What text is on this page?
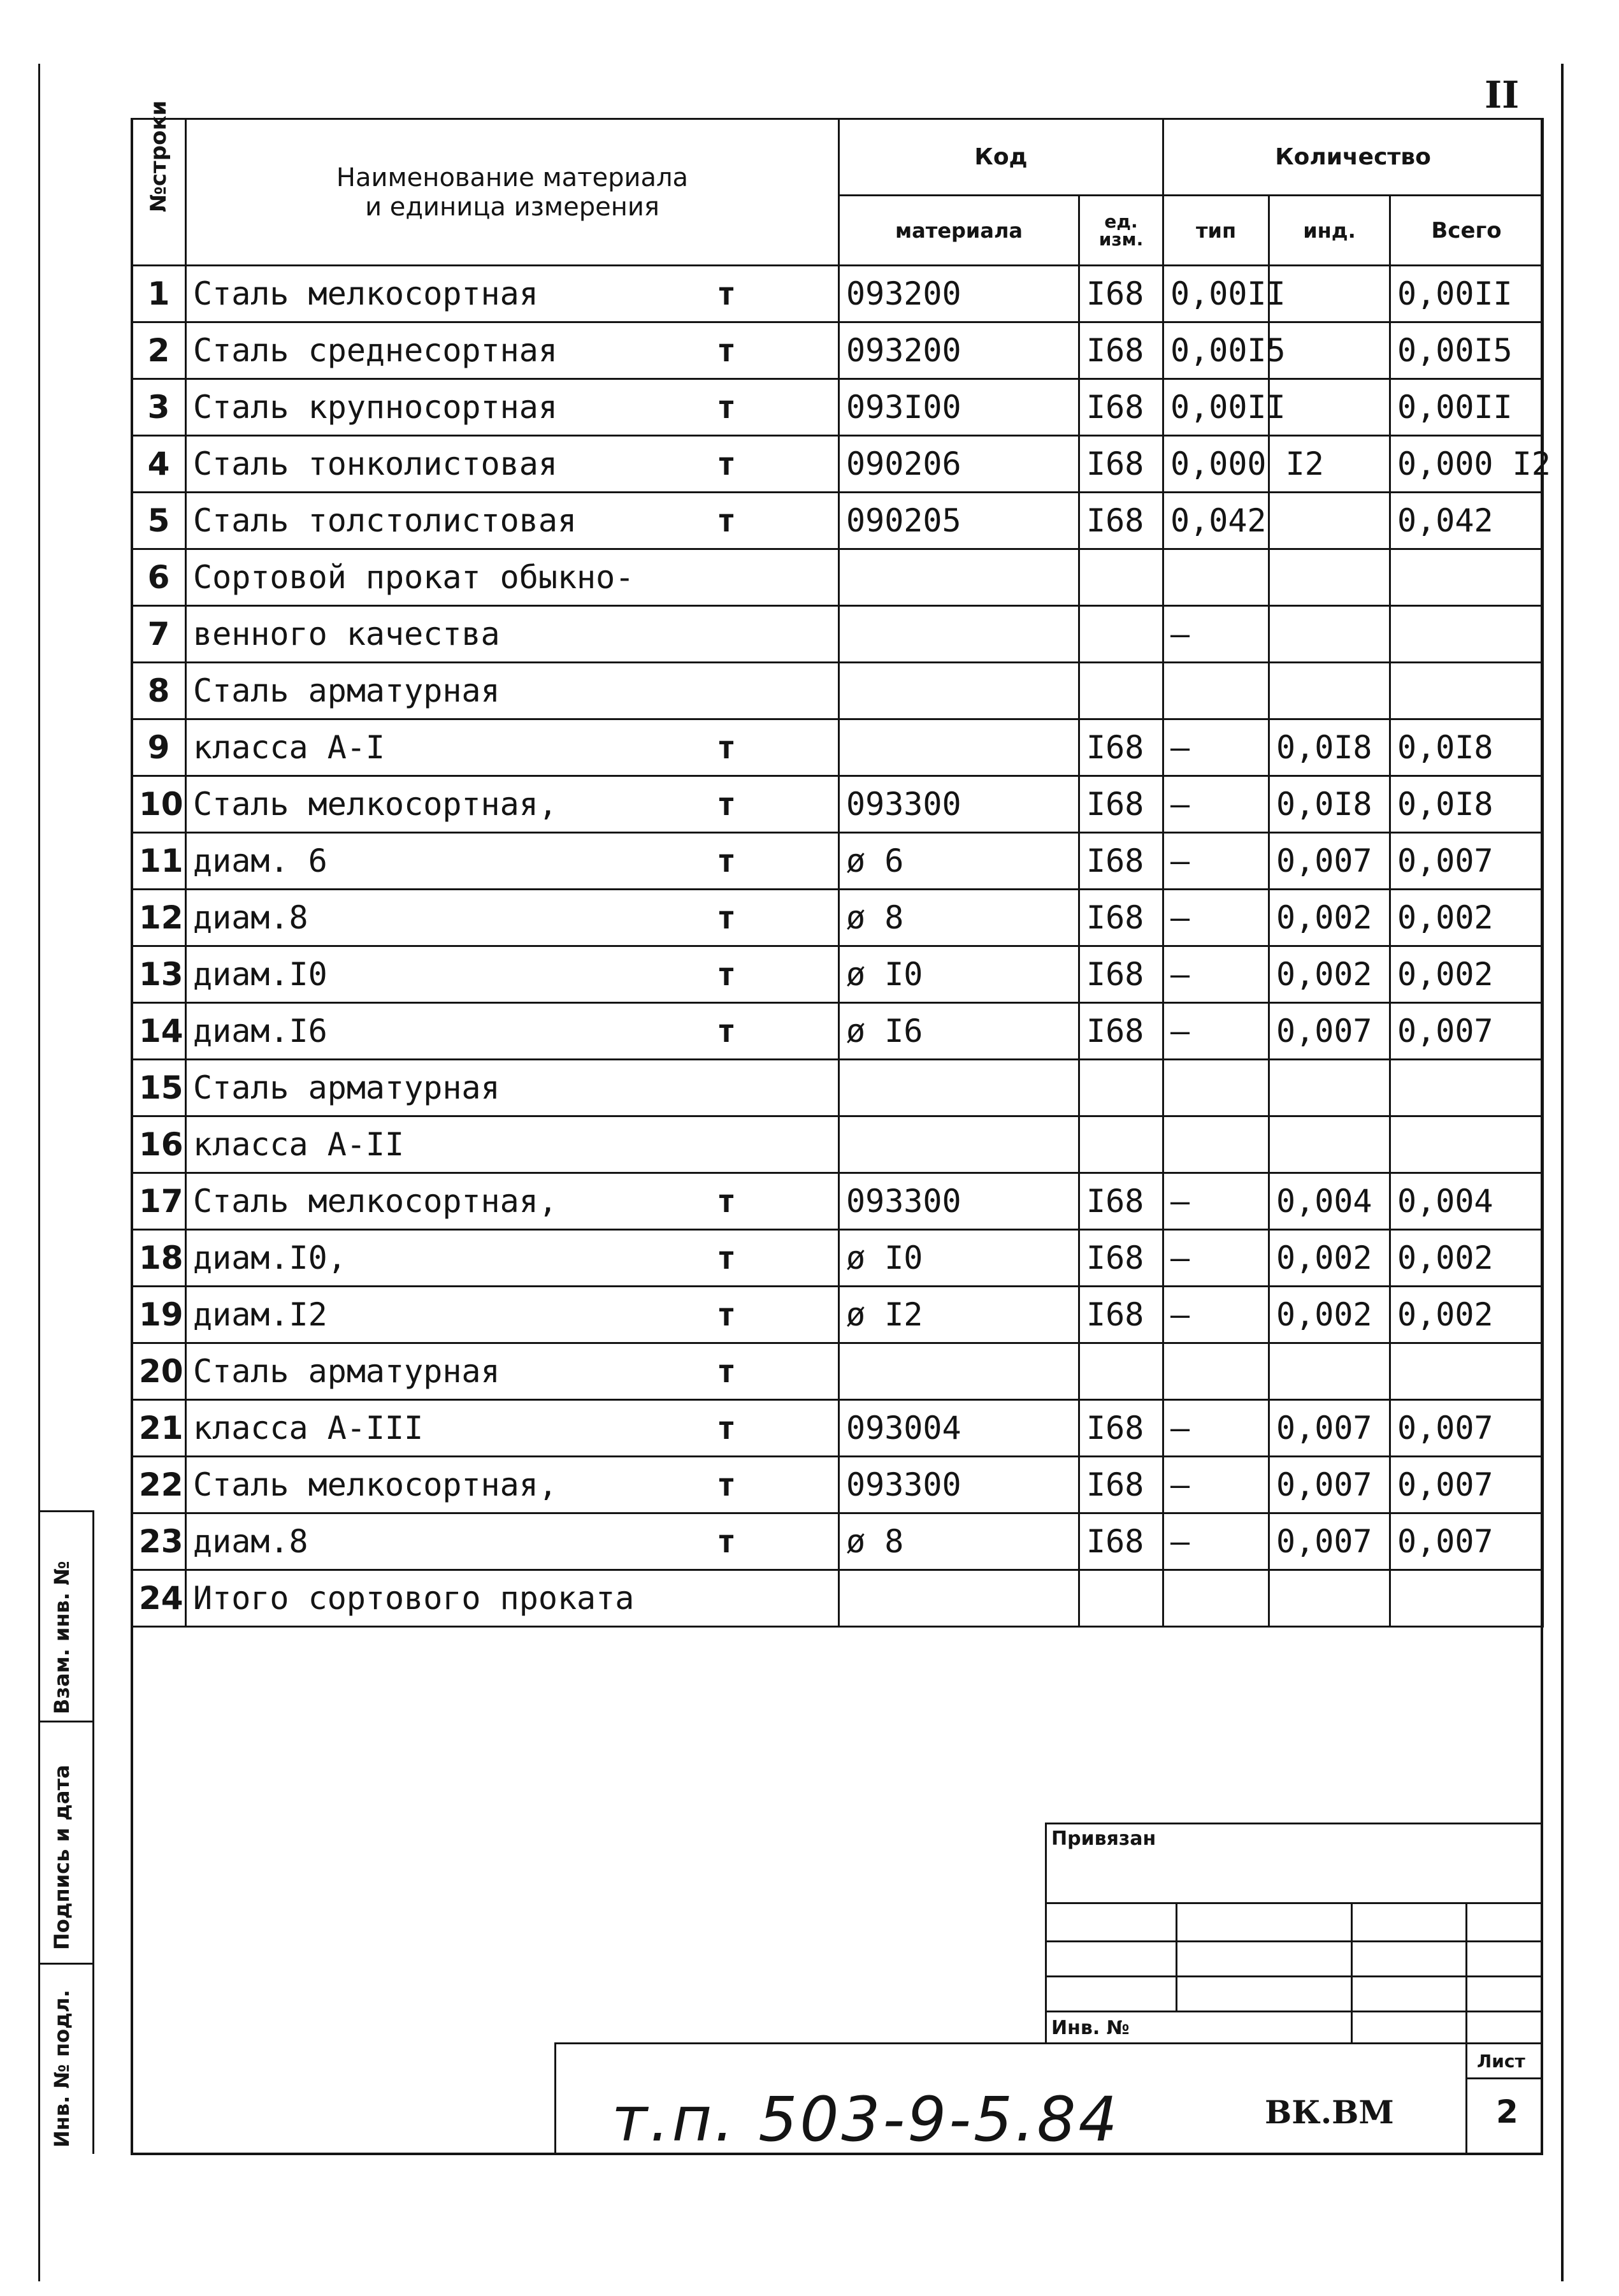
II
№строки	Наименование материала
и единица измерения	Код		Количество		
		материала	ед. изм.	тип	инд.	Всего
1	Сталь мелкосортная т	093200	I68	0,00II		0,00II
2	Сталь среднесортная т	093200	I68	0,00I5		0,00I5
3	Сталь крупносортная т	093I00	I68	0,00II		0,00II
4	Сталь тонколистовая т	090206	I68	0,000 I2		0,000 I2
5	Сталь толстолистовая т	090205	I68	0,042		0,042
6	Сортовой прокат обыкно-

7	венного качества			–		
8	Сталь арматурная

9	класса А-I т		I68	–	0,0I8	0,0I8
10	Сталь мелкосортная, т	093300	I68	–	0,0I8	0,0I8
11	диам. 6 т	ø 6	I68	–	0,007	0,007
12	диам.8 т	ø 8	I68	–	0,002	0,002
13	диам.I0 т	ø I0	I68	–	0,002	0,002
14	диам.I6 т	ø I6	I68	–	0,007	0,007
15	Сталь арматурная

16	класса А-II

17	Сталь мелкосортная, т	093300	I68	–	0,004	0,004
18	диам.I0, т	ø I0	I68	–	0,002	0,002
19	диам.I2 т	ø I2	I68	–	0,002	0,002
20	Сталь арматурная т					

21	класса А-III т	093004	I68	–	0,007	0,007
22	Сталь мелкосортная, т	093300	I68	–	0,007	0,007
23	диам.8 т	ø 8	I68	–	0,007	0,007
24	Итого сортового проката

Взам. инв. №
Подпись и дата
Инв. № подл.
Привязан
Инв. №
Лист
2
т.п. 503-9-5.84	ВК.ВМ
